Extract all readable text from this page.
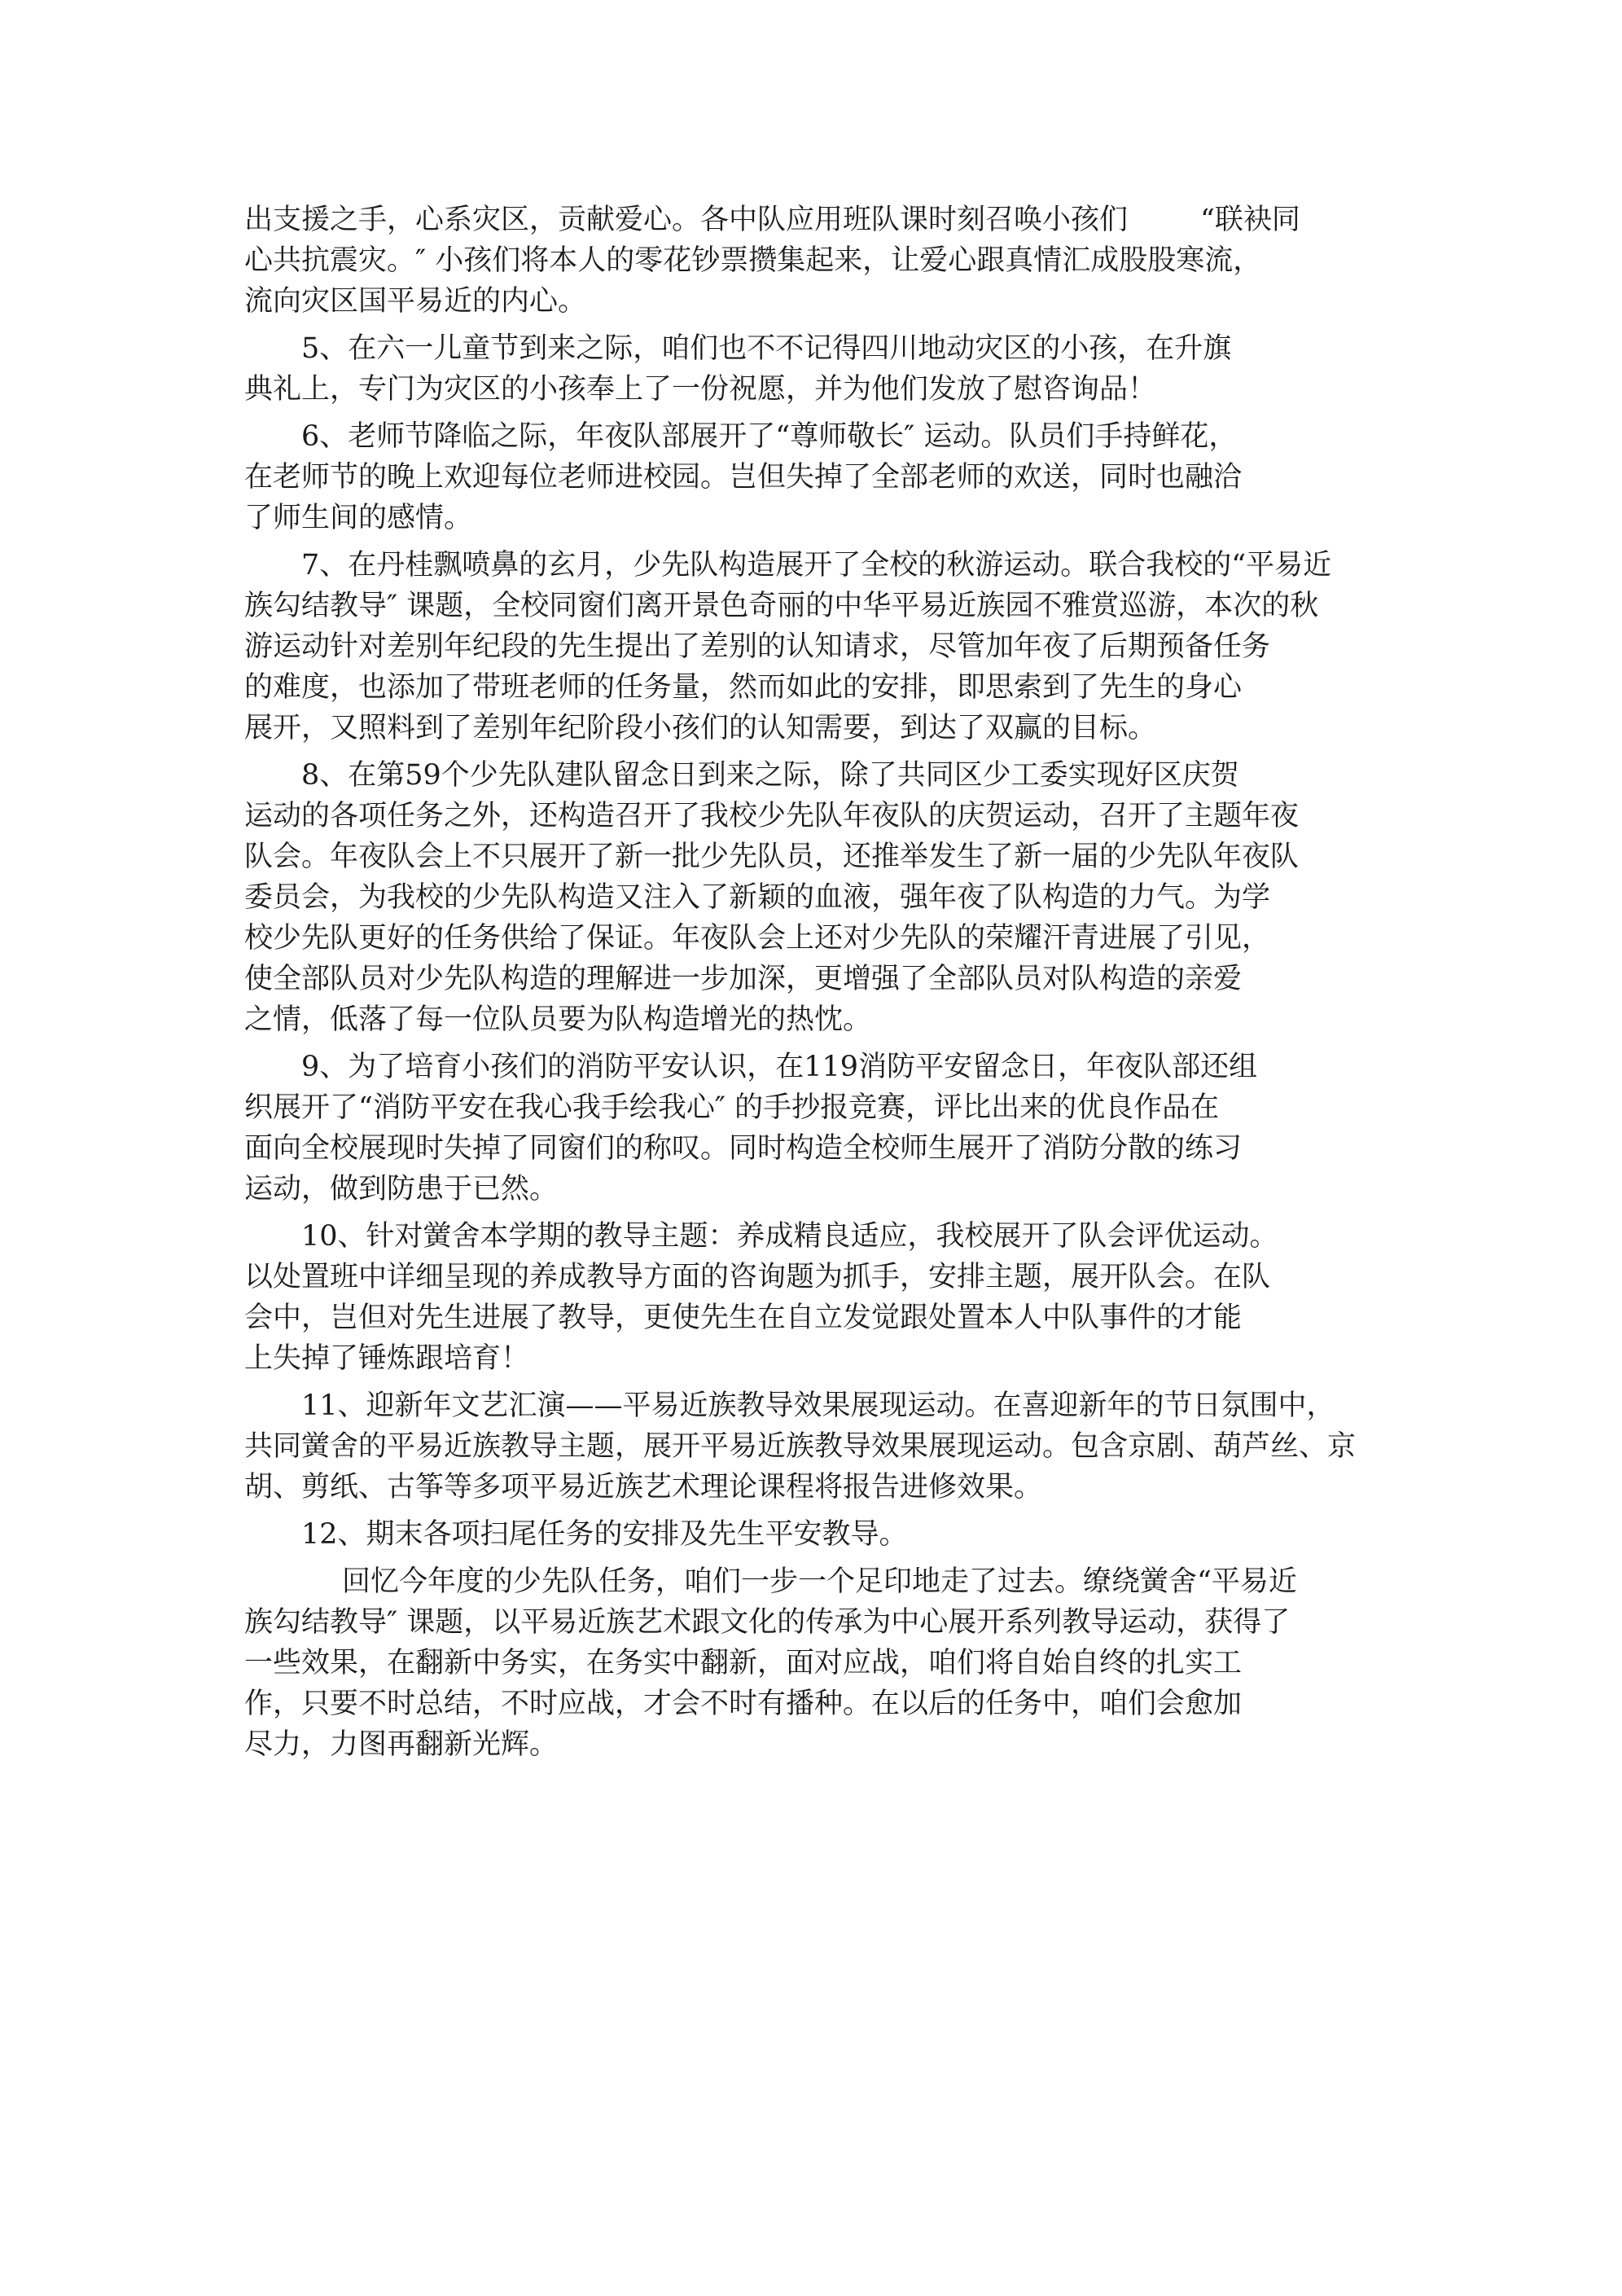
出支援之手，心系灾区，贡献爱心。各中队应用班队课时刻召唤小孩们        “联袂同
心共抗震灾。″ 小孩们将本人的零花钞票攒集起来，让爱心跟真情汇成股股寒流，
流向灾区国平易近的内心。
5、在六一儿童节到来之际，咱们也不不记得四川地动灾区的小孩，在升旗
典礼上，专门为灾区的小孩奉上了一份祝愿，并为他们发放了慰咨询品！
6、老师节降临之际，年夜队部展开了“尊师敬长″ 运动。队员们手持鲜花，
在老师节的晚上欢迎每位老师进校园。岂但失掉了全部老师的欢送，同时也融洽
了师生间的感情。
7、在丹桂飘喷鼻的玄月，少先队构造展开了全校的秋游运动。联合我校的“平易近
族勾结教导″ 课题，全校同窗们离开景色奇丽的中华平易近族园不雅赏巡游，本次的秋
游运动针对差别年纪段的先生提出了差别的认知请求，尽管加年夜了后期预备任务
的难度，也添加了带班老师的任务量，然而如此的安排，即思索到了先生的身心
展开，又照料到了差别年纪阶段小孩们的认知需要，到达了双赢的目标。
8、在第59个少先队建队留念日到来之际，除了共同区少工委实现好区庆贺
运动的各项任务之外，还构造召开了我校少先队年夜队的庆贺运动，召开了主题年夜
队会。年夜队会上不只展开了新一批少先队员，还推举发生了新一届的少先队年夜队
委员会，为我校的少先队构造又注入了新颖的血液，强年夜了队构造的力气。为学
校少先队更好的任务供给了保证。年夜队会上还对少先队的荣耀汗青进展了引见，
使全部队员对少先队构造的理解进一步加深，更增强了全部队员对队构造的亲爱
之情，低落了每一位队员要为队构造增光的热忱。
9、为了培育小孩们的消防平安认识，在119消防平安留念日，年夜队部还组
织展开了“消防平安在我心我手绘我心″ 的手抄报竞赛，评比出来的优良作品在
面向全校展现时失掉了同窗们的称叹。同时构造全校师生展开了消防分散的练习
运动，做到防患于已然。
10、针对黉舍本学期的教导主题：养成精良适应，我校展开了队会评优运动。
以处置班中详细呈现的养成教导方面的咨询题为抓手，安排主题，展开队会。在队
会中，岂但对先生进展了教导，更使先生在自立发觉跟处置本人中队事件的才能
上失掉了锤炼跟培育！
11、迎新年文艺汇演——平易近族教导效果展现运动。在喜迎新年的节日氛围中，
共同黉舍的平易近族教导主题，展开平易近族教导效果展现运动。包含京剧、葫芦丝、京
胡、剪纸、古筝等多项平易近族艺术理论课程将报告进修效果。
12、期末各项扫尾任务的安排及先生平安教导。
回忆今年度的少先队任务，咱们一步一个足印地走了过去。缭绕黉舍“平易近
族勾结教导″ 课题，以平易近族艺术跟文化的传承为中心展开系列教导运动，获得了
一些效果，在翻新中务实，在务实中翻新，面对应战，咱们将自始自终的扎实工
作，只要不时总结，不时应战，才会不时有播种。在以后的任务中，咱们会愈加
尽力，力图再翻新光辉。
